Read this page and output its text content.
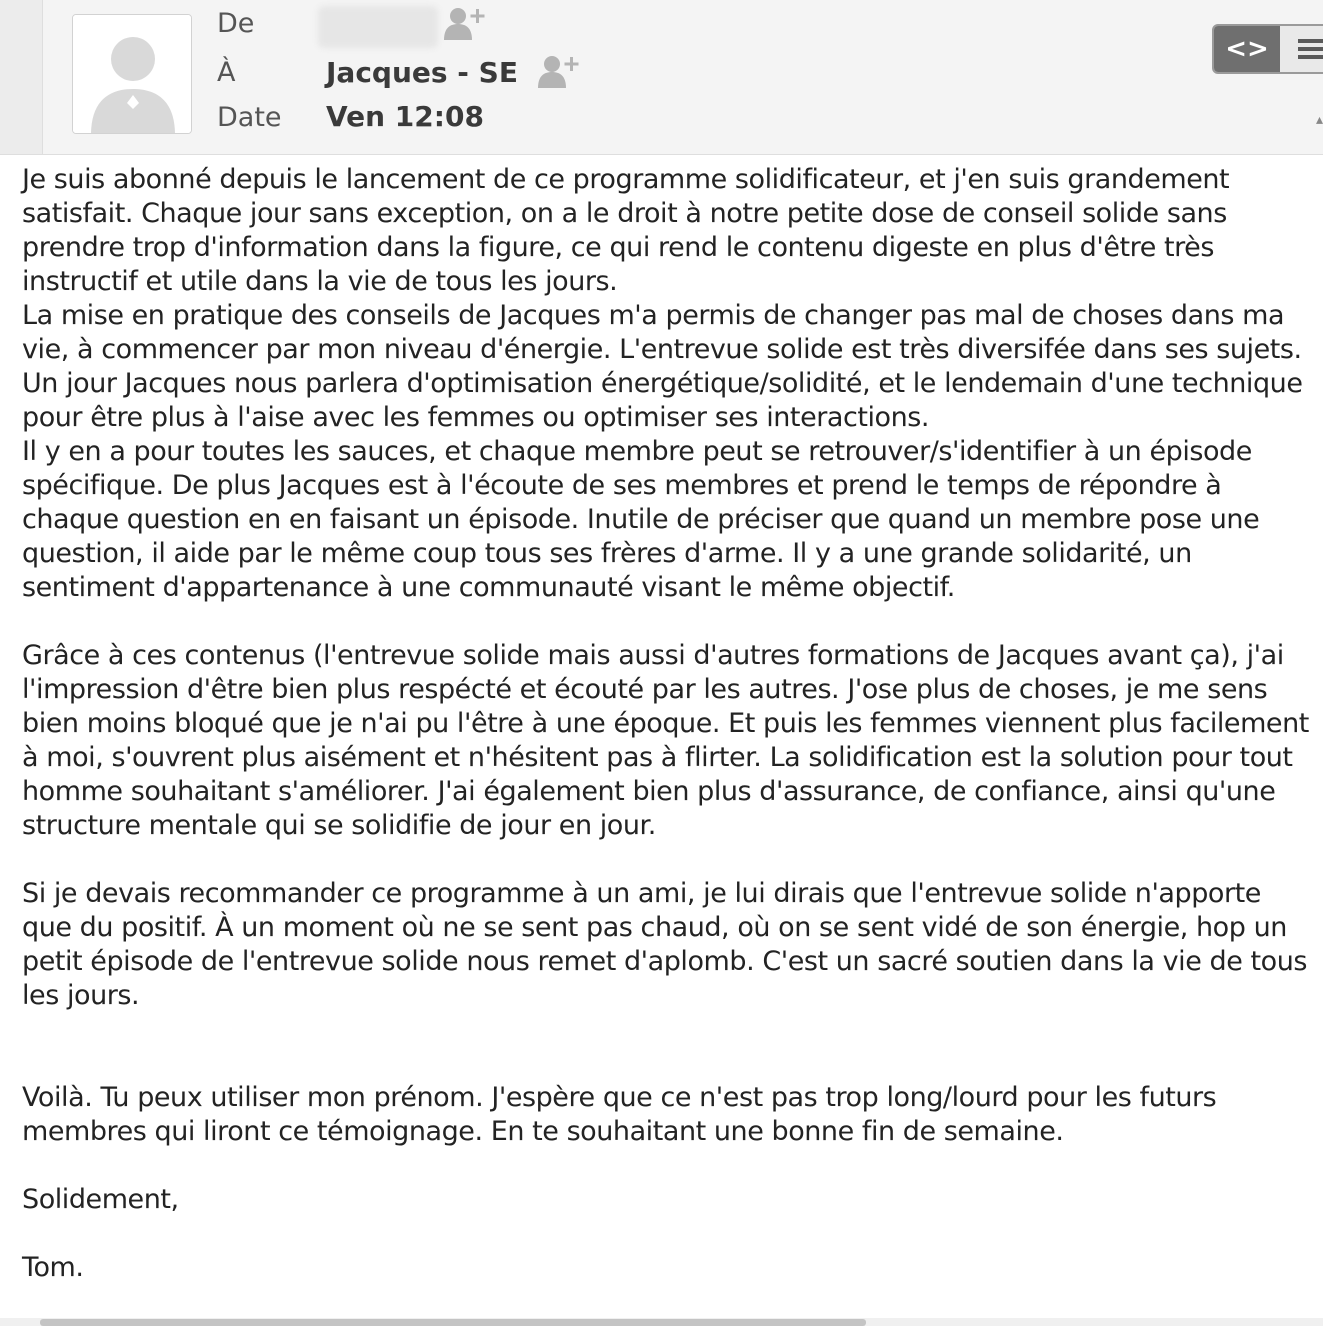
De
À
Date
Jacques - SE
Ven 12:08
<>
▴

Je suis abonné depuis le lancement de ce programme solidificateur, et j'en suis grandement satisfait. Chaque jour sans exception, on a le droit à notre petite dose de conseil solide sans prendre trop d'information dans la figure, ce qui rend le contenu digeste en plus d'être très instructif et utile dans la vie de tous les jours.

La mise en pratique des conseils de Jacques m'a permis de changer pas mal de choses dans ma vie, à commencer par mon niveau d'énergie. L'entrevue solide est très diversifée dans ses sujets. Un jour Jacques nous parlera d'optimisation énergétique/solidité, et le lendemain d'une technique pour être plus à l'aise avec les femmes ou optimiser ses interactions.

Il y en a pour toutes les sauces, et chaque membre peut se retrouver/s'identifier à un épisode spécifique. De plus Jacques est à l'écoute de ses membres et prend le temps de répondre à chaque question en en faisant un épisode. Inutile de préciser que quand un membre pose une question, il aide par le même coup tous ses frères d'arme. Il y a une grande solidarité, un sentiment d'appartenance à une communauté visant le même objectif.

Grâce à ces contenus (l'entrevue solide mais aussi d'autres formations de Jacques avant ça), j'ai l'impression d'être bien plus respécté et écouté par les autres. J'ose plus de choses, je me sens bien moins bloqué que je n'ai pu l'être à une époque. Et puis les femmes viennent plus facilement à moi, s'ouvrent plus aisément et n'hésitent pas à flirter. La solidification est la solution pour tout homme souhaitant s'améliorer. J'ai également bien plus d'assurance, de confiance, ainsi qu'une structure mentale qui se solidifie de jour en jour.

Si je devais recommander ce programme à un ami, je lui dirais que l'entrevue solide n'apporte que du positif. À un moment où ne se sent pas chaud, où on se sent vidé de son énergie, hop un petit épisode de l'entrevue solide nous remet d'aplomb. C'est un sacré soutien dans la vie de tous les jours.

Voilà. Tu peux utiliser mon prénom. J'espère que ce n'est pas trop long/lourd pour les futurs membres qui liront ce témoignage. En te souhaitant une bonne fin de semaine.

Solidement,

Tom.
